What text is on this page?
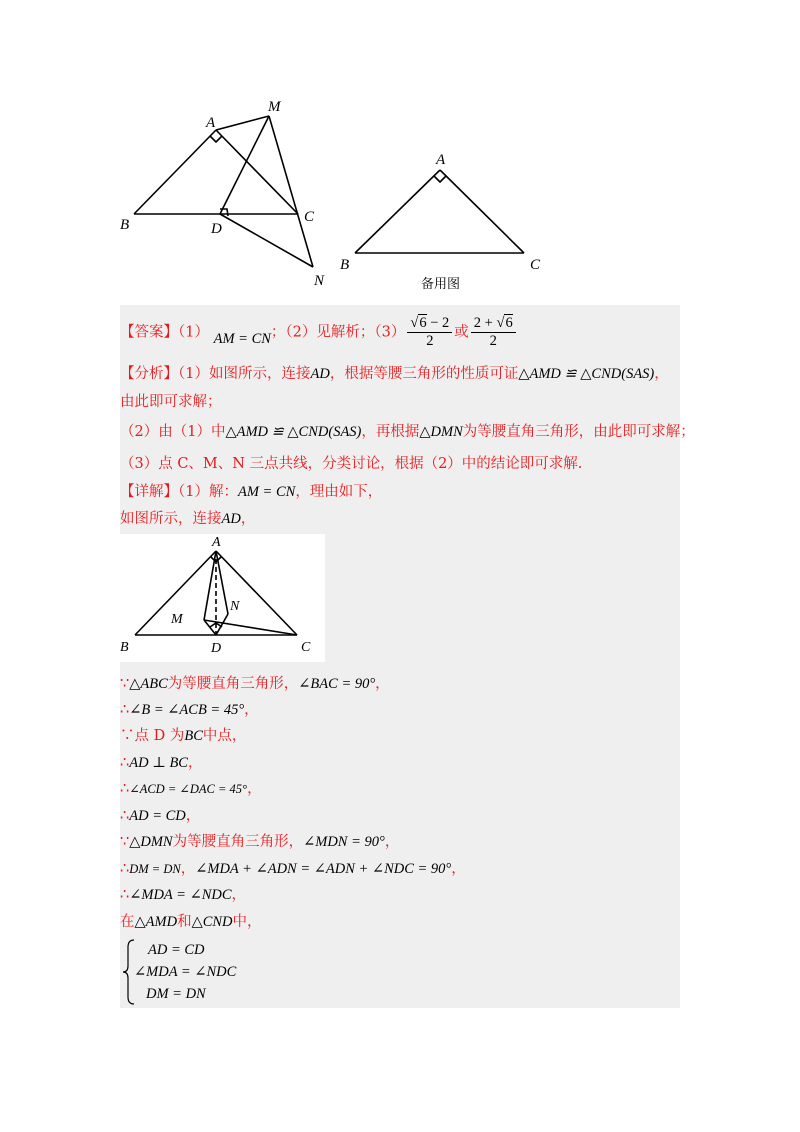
A
B	C
D
M
N
A
B	C
备用图
【答案】（1） AM = CN；（2）见解析；$(3) \frac{√6 - 2}{2}$ 或 $\frac{2 + √6}{2}$
【分析】（1）如图所示，连接AD，根据等腰三角形的性质可证△AMD ≌ △CND(SAS)，
由此即可求解；
（2）由（1）中△AMD ≌ △CND(SAS)，再根据△DMN为等腰直角三角形，由此即可求解；
（3）点 C、M、N 三点共线，分类讨论，根据（2）中的结论即可求解.
【详解】（1）解：AM = CN，理由如下，
如图所示，连接AD，
A
B	C
D
M
N
∵△ABC为等腰直角三角形，∠BAC = 90°，
∴∠B = ∠ACB = 45°，
∵点 D 为BC中点，
∴AD ⊥ BC，
∴∠ACD = ∠DAC = 45°，
∴AD = CD，
∵△DMN为等腰直角三角形，∠MDN = 90°，
∴DM = DN，∠MDA + ∠ADN = ∠ADN + ∠NDC = 90°，
∴∠MDA = ∠NDC，
在△AMD和△CND中，
AD = CD
∠MDA = ∠NDC
DM = DN
